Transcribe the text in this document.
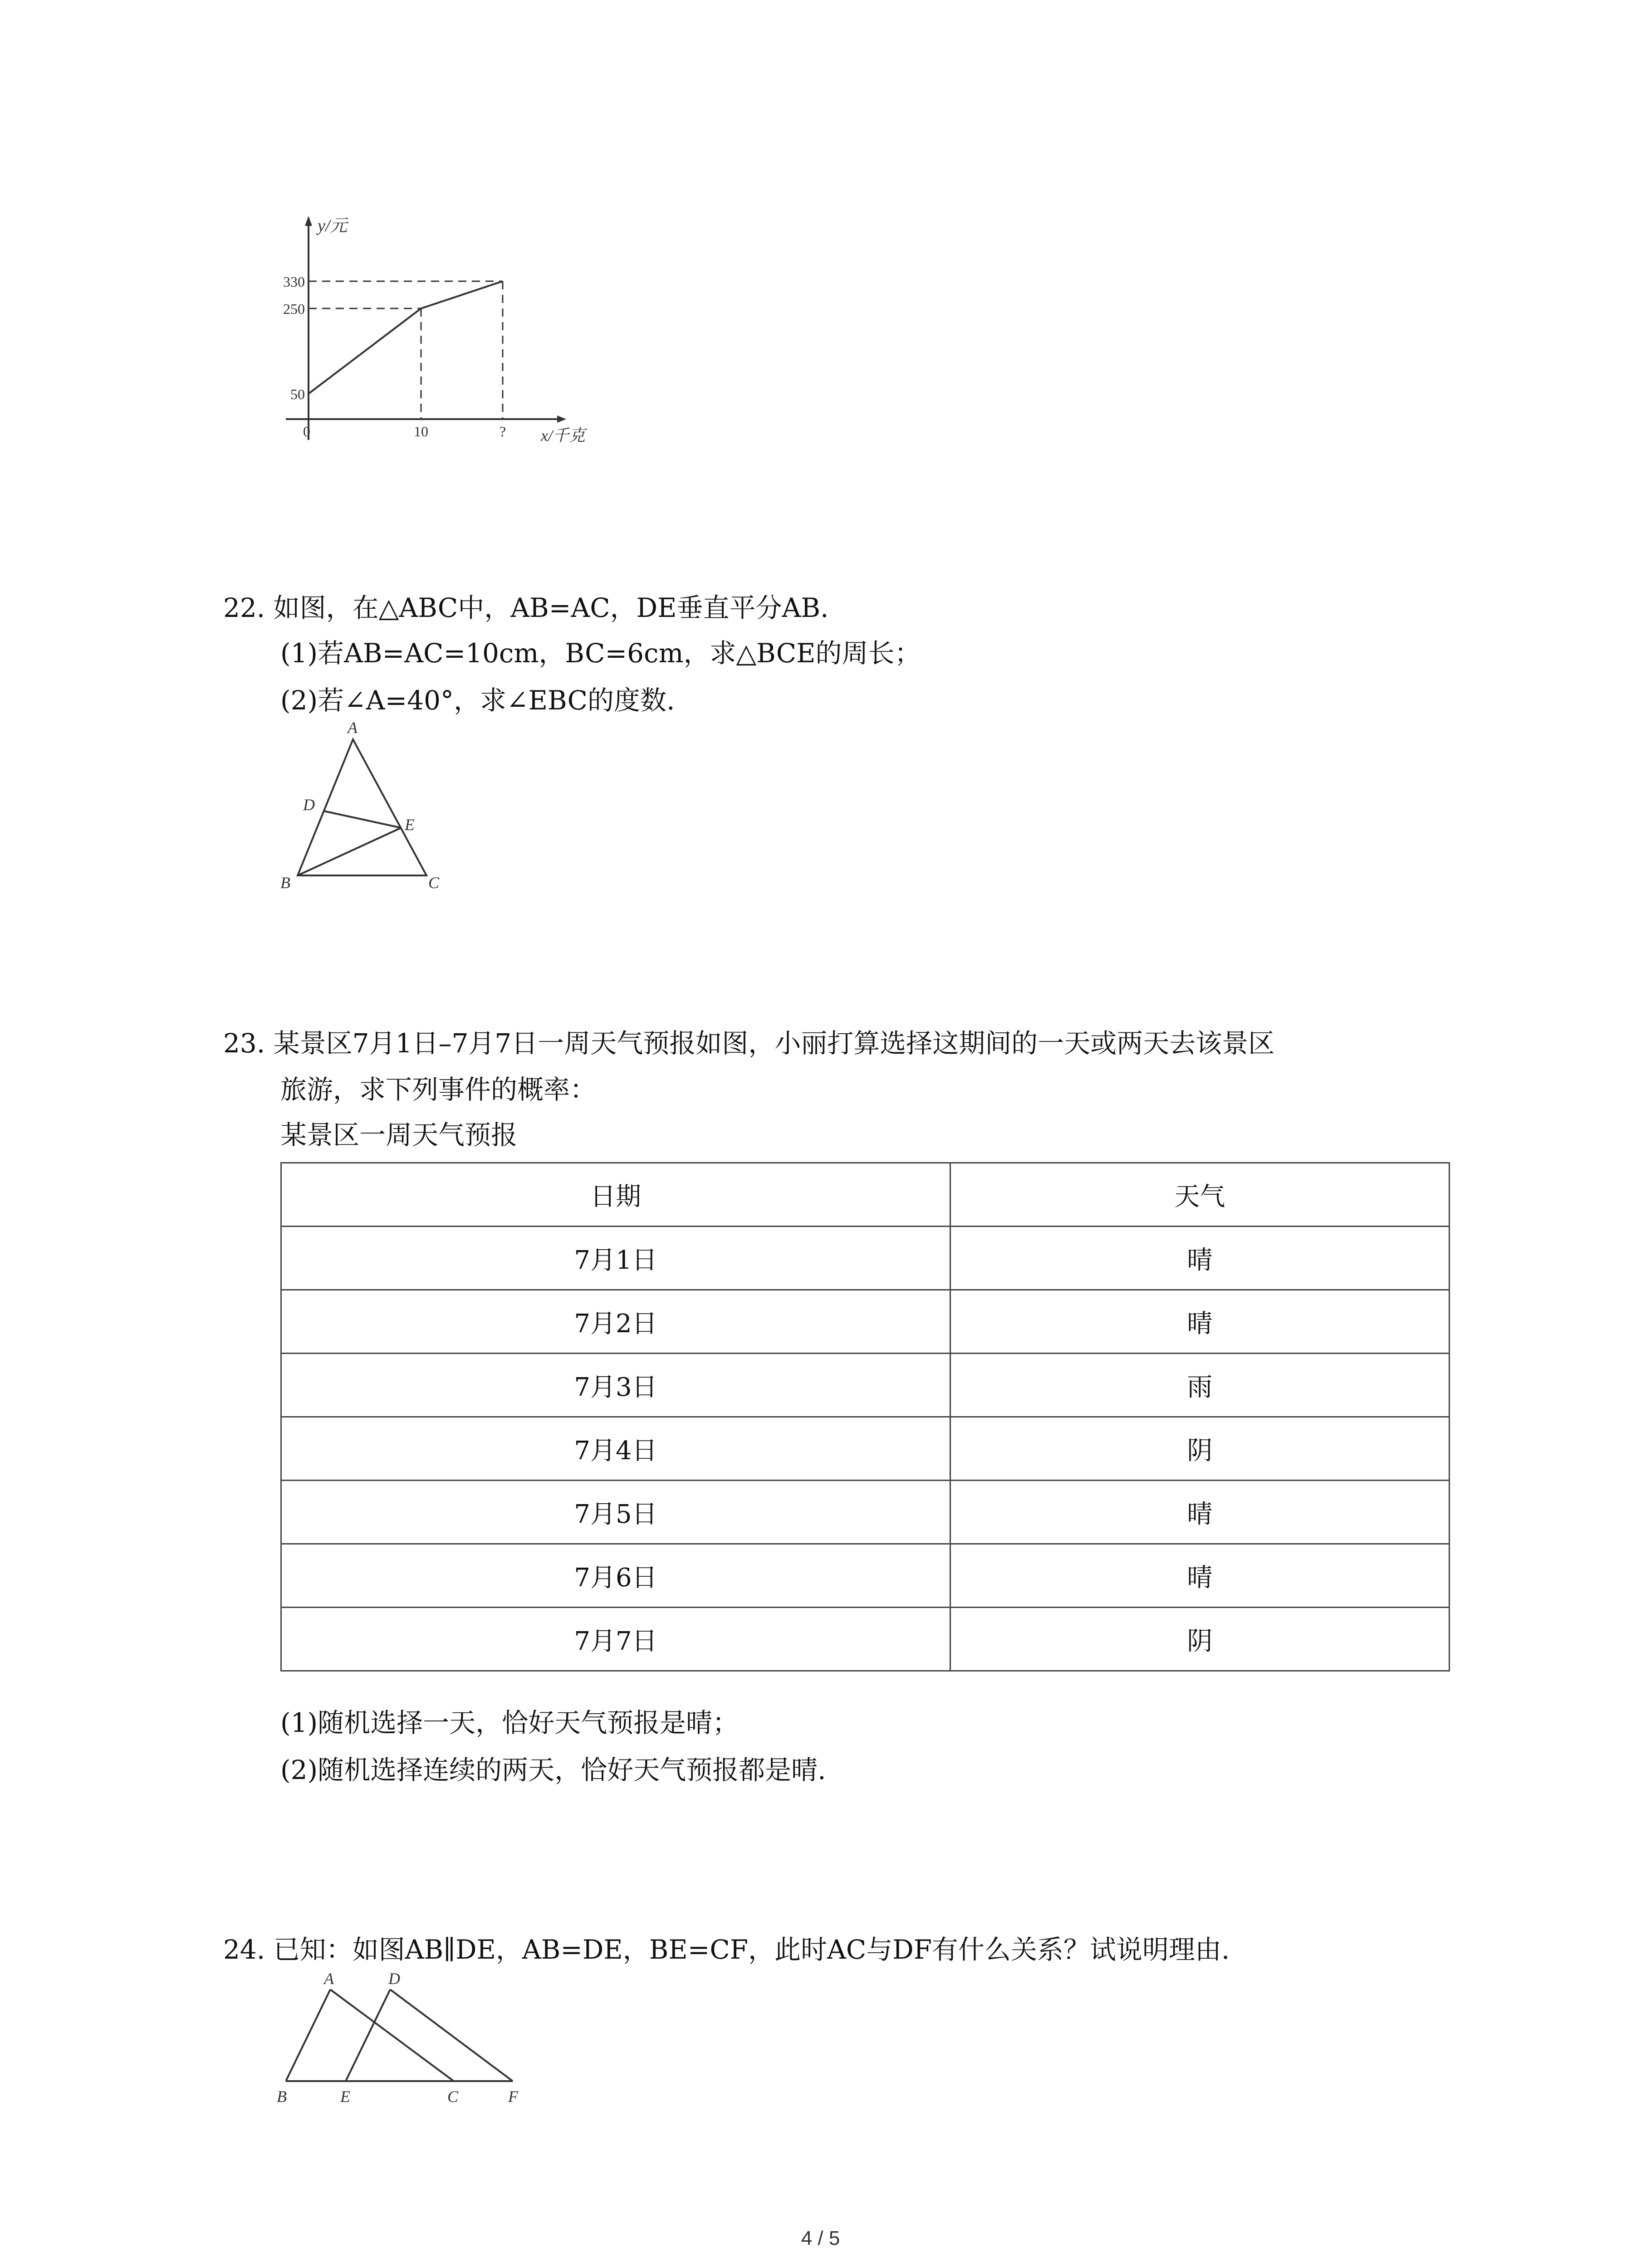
y/元
330
250
50
0	10	? x/千克
22. 如图，在△ABC中，AB=AC，DE垂直平分AB.
(1)若AB=AC=10cm，BC=6cm，求△BCE的周长；
(2)若∠A=40°，求∠EBC的度数.
A
D
E
B	C
23. 某景区7月1日–7月7日一周天气预报如图，小丽打算选择这期间的一天或两天去该景区
旅游，求下列事件的概率：
某景区一周天气预报
日期	天气
7月1日	晴
7月2日	晴
7月3日	雨
7月4日	阴
7月5日	晴
7月6日	晴
7月7日	阴
(1)随机选择一天，恰好天气预报是晴；
(2)随机选择连续的两天，恰好天气预报都是晴.
24. 已知：如图AB∥DE，AB=DE，BE=CF，此时AC与DF有什么关系？试说明理由.
A	D
B	E	C	F
4 / 5
